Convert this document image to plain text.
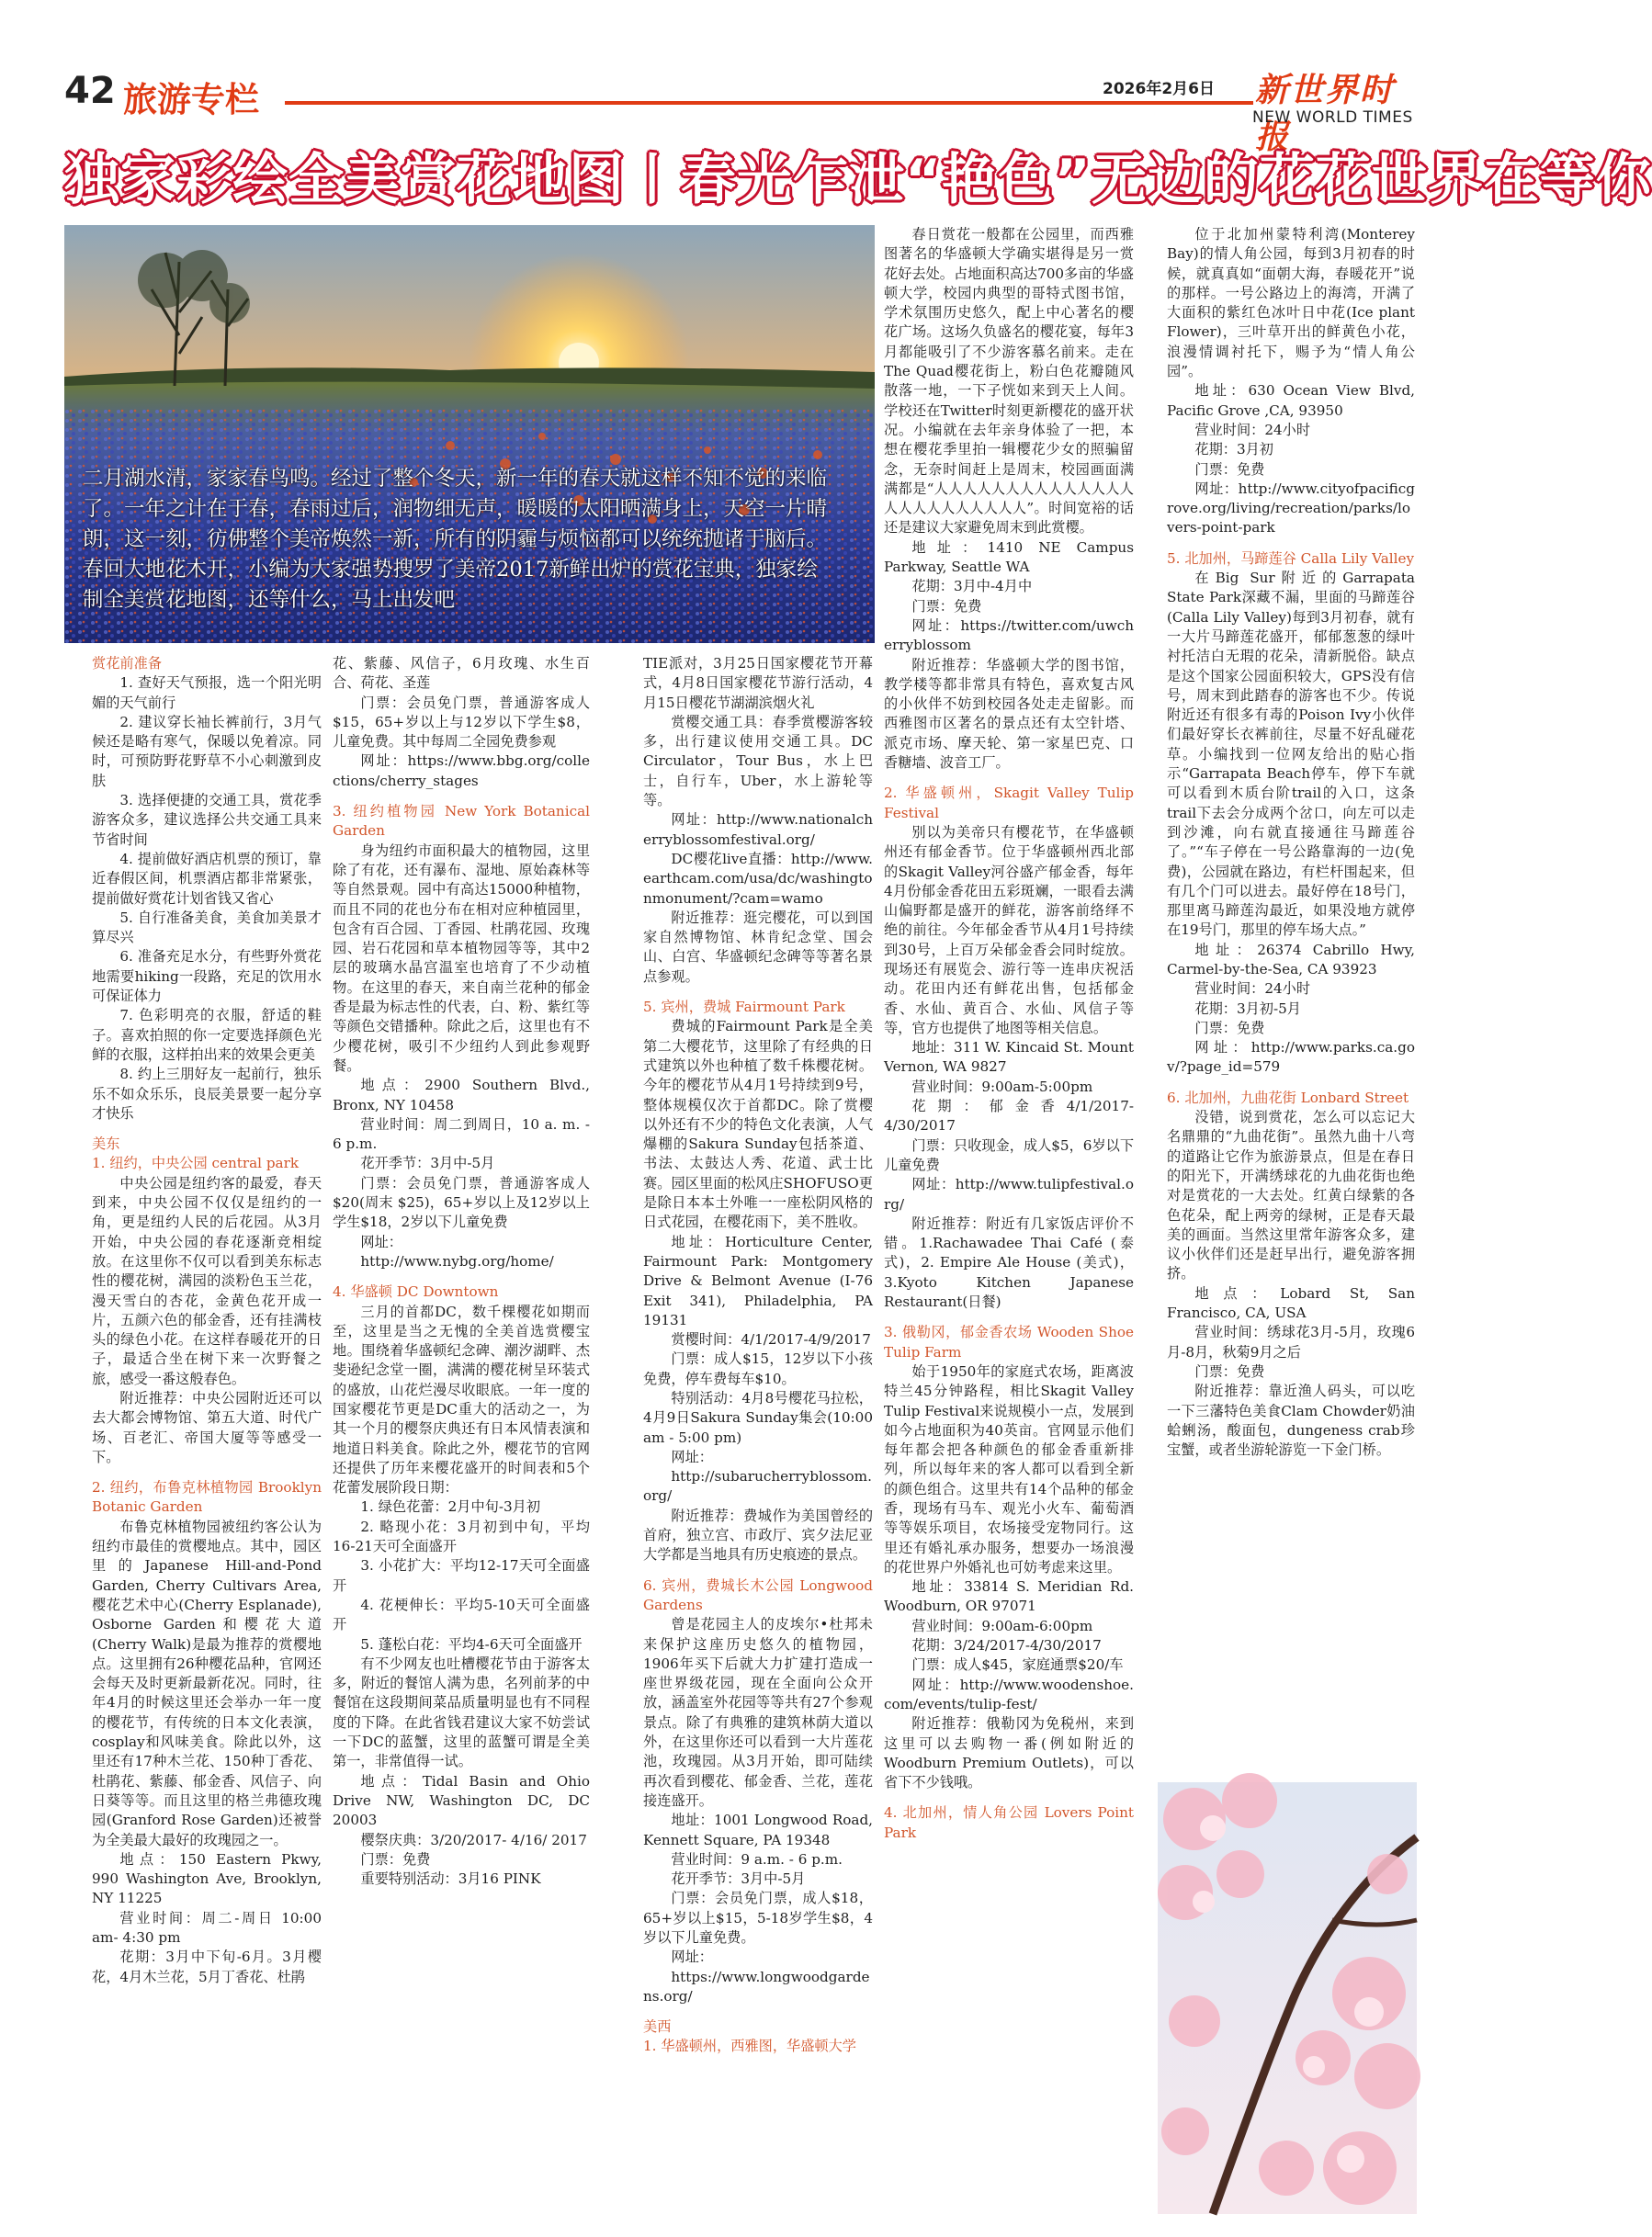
42 旅游专栏	2026年2月6日 新世界时报
NEW WORLD TIMES
独家彩绘全美赏花地图丨春光乍泄“艳色”无边的花花世界在等你
二月湖水清，家家春鸟鸣。经过了整个冬天，新一年的春天就这样不知不觉的来临了。一年之计在于春，春雨过后，润物细无声，暖暖的太阳晒满身上，天空一片晴朗，这一刻，彷佛整个美帝焕然一新，所有的阴霾与烦恼都可以统统抛诸于脑后。春回大地花木开，小编为大家强势搜罗了美帝2017新鲜出炉的赏花宝典，独家绘制全美赏花地图，还等什么，马上出发吧

赏花前准备

1. 查好天气预报，选一个阳光明媚的天气前行

2. 建议穿长袖长裤前行，3月气候还是略有寒气，保暖以免着凉。同时，可预防野花野草不小心刺激到皮肤

3. 选择便捷的交通工具，赏花季游客众多，建议选择公共交通工具来节省时间

4. 提前做好酒店机票的预订，靠近春假区间，机票酒店都非常紧张，提前做好赏花计划省钱又省心

5. 自行准备美食，美食加美景才算尽兴

6. 准备充足水分，有些野外赏花地需要hiking一段路，充足的饮用水可保证体力

7. 色彩明亮的衣服，舒适的鞋子。喜欢拍照的你一定要选择颜色光鲜的衣服，这样拍出来的效果会更美

8. 约上三朋好友一起前行，独乐乐不如众乐乐，良辰美景要一起分享才快乐

美东

1. 纽约，中央公园 central park

中央公园是纽约客的最爱，春天到来，中央公园不仅仅是纽约的一角，更是纽约人民的后花园。从3月开始，中央公园的春花逐渐竞相绽放。在这里你不仅可以看到美东标志性的樱花树，满园的淡粉色玉兰花，漫天雪白的杏花，金黄色花开成一片，五颜六色的郁金香，还有挂满枝头的绿色小花。在这样春暖花开的日子，最适合坐在树下来一次野餐之旅，感受一番这般春色。

附近推荐：中央公园附近还可以去大都会博物馆、第五大道、时代广场、百老汇、帝国大厦等等感受一下。

2. 纽约，布鲁克林植物园 Brooklyn Botanic Garden

布鲁克林植物园被纽约客公认为纽约市最佳的赏樱地点。其中，园区里的Japanese Hill-and-Pond Garden, Cherry Cultivars Area, 樱花艺术中心(Cherry Esplanade), Osborne Garden和樱花大道(Cherry Walk)是最为推荐的赏樱地点。这里拥有26种樱花品种，官网还会每天及时更新最新花况。同时，往年4月的时候这里还会举办一年一度的樱花节，有传统的日本文化表演，cosplay和风味美食。除此以外，这里还有17种木兰花、150种丁香花、杜鹃花、紫藤、郁金香、风信子、向日葵等等。而且这里的格兰弗德玫瑰园(Granford Rose Garden)还被誉为全美最大最好的玫瑰园之一。

地点：150 Eastern Pkwy, 990 Washington Ave, Brooklyn, NY 11225

营业时间：周二-周日 10:00 am- 4:30 pm

花期：3月中下旬-6月。3月樱花，4月木兰花，5月丁香花、杜鹃

花、紫藤、风信子，6月玫瑰、水生百合、荷花、圣莲

门票：会员免门票，普通游客成人$15，65+岁以上与12岁以下学生$8，儿童免费。其中每周二全园免费参观

网址：https://www.bbg.org/collections/cherry_stages

3. 纽约植物园 New York Botanical Garden

身为纽约市面积最大的植物园，这里除了有花，还有瀑布、湿地、原始森林等等自然景观。园中有高达15000种植物，而且不同的花也分布在相对应种植园里，包含有百合园、丁香园、杜鹃花园、玫瑰园、岩石花园和草本植物园等等，其中2层的玻璃水晶宫温室也培育了不少动植物。在这里的春天，来自南兰花种的郁金香是最为标志性的代表，白、粉、紫红等等颜色交错播种。除此之后，这里也有不少樱花树，吸引不少纽约人到此参观野餐。

地点：2900 Southern Blvd., Bronx, NY 10458

营业时间：周二到周日，10 a. m. - 6 p.m.

花开季节：3月中-5月

门票：会员免门票，普通游客成人$20(周末 $25)，65+岁以上及12岁以上学生$18，2岁以下儿童免费

网址：

http://www.nybg.org/home/

4. 华盛顿 DC Downtown

三月的首都DC，数千棵樱花如期而至，这里是当之无愧的全美首选赏樱宝地。围绕着华盛顿纪念碑、潮汐湖畔、杰斐逊纪念堂一圈，满满的樱花树呈环装式的盛放，山花烂漫尽收眼底。一年一度的国家樱花节更是DC重大的活动之一，为其一个月的樱祭庆典还有日本风情表演和地道日料美食。除此之外，樱花节的官网还提供了历年来樱花盛开的时间表和5个花蕾发展阶段日期：

1. 绿色花蕾：2月中旬-3月初

2. 略现小花：3月初到中旬，平均16-21天可全面盛开

3. 小花扩大：平均12-17天可全面盛开

4. 花梗伸长：平均5-10天可全面盛开

5. 蓬松白花：平均4-6天可全面盛开

有不少网友也吐槽樱花节由于游客太多，附近的餐馆人满为患，名列前茅的中餐馆在这段期间菜品质量明显也有不同程度的下降。在此省钱君建议大家不妨尝试一下DC的蓝蟹，这里的蓝蟹可谓是全美第一，非常值得一试。

地点：Tidal Basin and Ohio Drive NW, Washington DC, DC 20003

樱祭庆典：3/20/2017- 4/16/ 2017

门票：免费

重要特别活动：3月16 PINK

TIE派对，3月25日国家樱花节开幕式，4月8日国家樱花节游行活动，4月15日樱花节湖湖滨烟火礼

赏樱交通工具：春季赏樱游客较多，出行建议使用交通工具。DC Circulator，Tour Bus，水上巴士，自行车，Uber，水上游轮等等。

网址：http://www.nationalcherryblossomfestival.org/

DC樱花live直播：http://www.earthcam.com/usa/dc/washingtonmonument/?cam=wamo

附近推荐：逛完樱花，可以到国家自然博物馆、林肯纪念堂、国会山、白宫、华盛顿纪念碑等等著名景点参观。

5. 宾州，费城 Fairmount Park

费城的Fairmount Park是全美第二大樱花节，这里除了有经典的日式建筑以外也种植了数千株樱花树。今年的樱花节从4月1号持续到9号，整体规模仅次于首都DC。除了赏樱以外还有不少的特色文化表演，人气爆棚的Sakura Sunday包括茶道、书法、太鼓达人秀、花道、武士比赛。园区里面的松风庄SHOFUSO更是除日本本土外唯一一座松阴风格的日式花园，在樱花雨下，美不胜收。

地址：Horticulture Center, Fairmount Park: Montgomery Drive & Belmont Avenue (I-76 Exit 341), Philadelphia, PA 19131

赏樱时间：4/1/2017-4/9/2017

门票：成人$15，12岁以下小孩免费，停车费每车$10。

特别活动：4月8号樱花马拉松，4月9日Sakura Sunday集会(10:00 am - 5:00 pm)

网址：

http://subarucherryblossom.org/

附近推荐：费城作为美国曾经的首府，独立宫、市政厅、宾夕法尼亚大学都是当地具有历史痕迹的景点。

6. 宾州，费城长木公园 Longwood Gardens

曾是花园主人的皮埃尔•杜邦未来保护这座历史悠久的植物园，1906年买下后就大力扩建打造成一座世界级花园，现在全面向公众开放，涵盖室外花园等等共有27个参观景点。除了有典雅的建筑林荫大道以外，在这里你还可以看到一大片莲花池，玫瑰园。从3月开始，即可陆续再次看到樱花、郁金香、兰花，莲花接连盛开。

地址：1001 Longwood Road, Kennett Square, PA 19348

营业时间：9 a.m. - 6 p.m.

花开季节：3月中-5月

门票：会员免门票，成人$18，65+岁以上$15，5-18岁学生$8，4岁以下儿童免费。

网址：

https://www.longwoodgardens.org/

美西

1. 华盛顿州，西雅图，华盛顿大学

春日赏花一般都在公园里，而西雅图著名的华盛顿大学确实堪得是另一赏花好去处。占地面积高达700多亩的华盛顿大学，校园内典型的哥特式图书馆，学术氛围历史悠久，配上中心著名的樱花广场。这场久负盛名的樱花宴，每年3月都能吸引了不少游客慕名前来。走在The Quad樱花街上，粉白色花瓣随风散落一地，一下子恍如来到天上人间。学校还在Twitter时刻更新樱花的盛开状况。小编就在去年亲身体验了一把，本想在樱花季里拍一辑樱花少女的照骗留念，无奈时间赶上是周末，校园画面满满都是“人人人人人人人人人人人人人人人人人人人人人人人人”。时间宽裕的话还是建议大家避免周末到此赏樱。

地址：1410 NE Campus Parkway, Seattle WA

花期：3月中-4月中

门票：免费

网址：https://twitter.com/uwcherryblossom

附近推荐：华盛顿大学的图书馆，教学楼等都非常具有特色，喜欢复古风的小伙伴不妨到校园各处走走留影。而西雅图市区著名的景点还有太空针塔、派克市场、摩天轮、第一家星巴克、口香糖墙、波音工厂。

2. 华盛顿州，Skagit Valley Tulip Festival

别以为美帝只有樱花节，在华盛顿州还有郁金香节。位于华盛顿州西北部的Skagit Valley河谷盛产郁金香，每年4月份郁金香花田五彩斑斓，一眼看去满山偏野都是盛开的鲜花，游客前络绎不绝的前往。今年郁金香节从4月1号持续到30号，上百万朵郁金香会同时绽放。现场还有展览会、游行等一连串庆祝活动。花田内还有鲜花出售，包括郁金香、水仙、黄百合、水仙、风信子等等，官方也提供了地图等相关信息。

地址：311 W. Kincaid St. Mount Vernon, WA 9827

营业时间：9:00am-5:00pm

花期：郁金香4/1/2017-4/30/2017

门票：只收现金，成人$5，6岁以下儿童免费

网址：http://www.tulipfestival.org/

附近推荐：附近有几家饭店评价不错。1.Rachawadee Thai Café (泰式)，2. Empire Ale House (美式)，3.Kyoto Kitchen Japanese Restaurant(日餐)

3. 俄勒冈，郁金香农场 Wooden Shoe Tulip Farm

始于1950年的家庭式农场，距离波特兰45分钟路程，相比Skagit Valley Tulip Festival来说规模小一点，发展到如今占地面积为40英亩。官网显示他们每年都会把各种颜色的郁金香重新排列，所以每年来的客人都可以看到全新的颜色组合。这里共有14个品种的郁金香，现场有马车、观光小火车、葡萄酒等等娱乐项目，农场接受宠物同行。这里还有婚礼承办服务，想要办一场浪漫的花世界户外婚礼也可妨考虑来这里。

地址：33814 S. Meridian Rd. Woodburn, OR 97071

营业时间：9:00am-6:00pm

花期：3/24/2017-4/30/2017

门票：成人$45，家庭通票$20/车

网址：http://www.woodenshoe.com/events/tulip-fest/

附近推荐：俄勒冈为免税州，来到这里可以去购物一番(例如附近的Woodburn Premium Outlets)，可以省下不少钱哦。

4. 北加州，情人角公园 Lovers Point Park

位于北加州蒙特利湾(Monterey Bay)的情人角公园，每到3月初春的时候，就真真如“面朝大海，春暖花开”说的那样。一号公路边上的海湾，开满了大面积的紫红色冰叶日中花(Ice plant Flower)，三叶草开出的鲜黄色小花，浪漫情调衬托下，赐予为“情人角公园”。

地址：630 Ocean View Blvd, Pacific Grove ,CA, 93950

营业时间：24小时

花期：3月初

门票：免费

网址：http://www.cityofpacificgrove.org/living/recreation/parks/lovers-point-park

5. 北加州，马蹄莲谷 Calla Lily Valley

在Big Sur附近的Garrapata State Park深藏不漏，里面的马蹄莲谷(Calla Lily Valley)每到3月初春，就有一大片马蹄莲花盛开，郁郁葱葱的绿叶衬托洁白无瑕的花朵，清新脱俗。缺点是这个国家公园面积较大，GPS没有信号，周末到此踏春的游客也不少。传说附近还有很多有毒的Poison Ivy小伙伴们最好穿长衣裤前往，尽量不好乱碰花草。小编找到一位网友给出的贴心指示“Garrapata Beach停车，停下车就可以看到木质台阶trail的入口，这条trail下去会分成两个岔口，向左可以走到沙滩，向右就直接通往马蹄莲谷了。”“车子停在一号公路靠海的一边(免费)，公园就在路边，有栏杆围起来，但有几个门可以进去。最好停在18号门，那里离马蹄莲沟最近，如果没地方就停在19号门，那里的停车场大点。”

地址：26374 Cabrillo Hwy, Carmel-by-the-Sea, CA 93923

营业时间：24小时

花期：3月初-5月

门票：免费

网址：http://www.parks.ca.gov/?page_id=579

6. 北加州，九曲花街 Lonbard Street

没错，说到赏花，怎么可以忘记大名鼎鼎的“九曲花街”。虽然九曲十八弯的道路让它作为旅游景点，但是在春日的阳光下，开满绣球花的九曲花街也绝对是赏花的一大去处。红黄白绿紫的各色花朵，配上两旁的绿树，正是春天最美的画面。当然这里常年游客众多，建议小伙伴们还是赶早出行，避免游客拥挤。

地点：Lobard St, San Francisco, CA, USA

营业时间：绣球花3月-5月，玫瑰6月-8月，秋菊9月之后

门票：免费

附近推荐：靠近渔人码头，可以吃一下三藩特色美食Clam Chowder奶油蛤蜊汤，酸面包，dungeness crab珍宝蟹，或者坐游轮游览一下金门桥。
